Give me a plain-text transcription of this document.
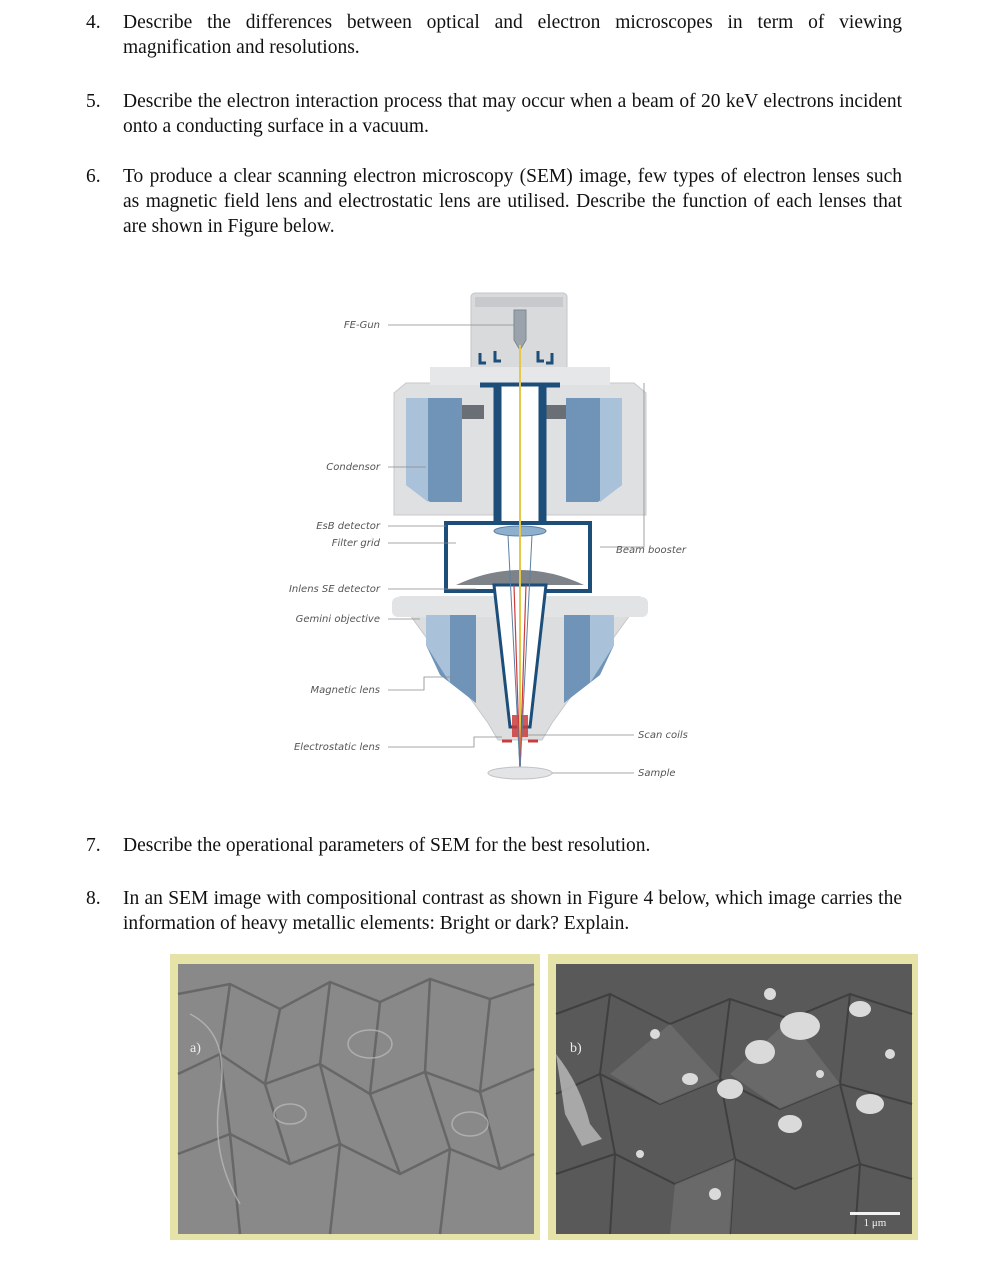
4.	Describe the differences between optical and electron microscopes in term of viewing magnification and resolutions.
5.	Describe the electron interaction process that may occur when a beam of 20 keV electrons incident onto a conducting surface in a vacuum.
6.	To produce a clear scanning electron microscopy (SEM) image, few types of electron lenses such as magnetic field lens and electrostatic lens are utilised. Describe the function of each lenses that are shown in Figure below.
FE-Gun
Condensor
EsB detector
Filter grid
Inlens SE detector
Gemini objective
Magnetic lens
Electrostatic lens
Beam booster
Scan coils
Sample
7.	Describe the operational parameters of SEM for the best resolution.
8.	In an SEM image with compositional contrast as shown in Figure 4 below, which image carries the information of heavy metallic elements: Bright or dark? Explain.
a)	b)
1 μm
